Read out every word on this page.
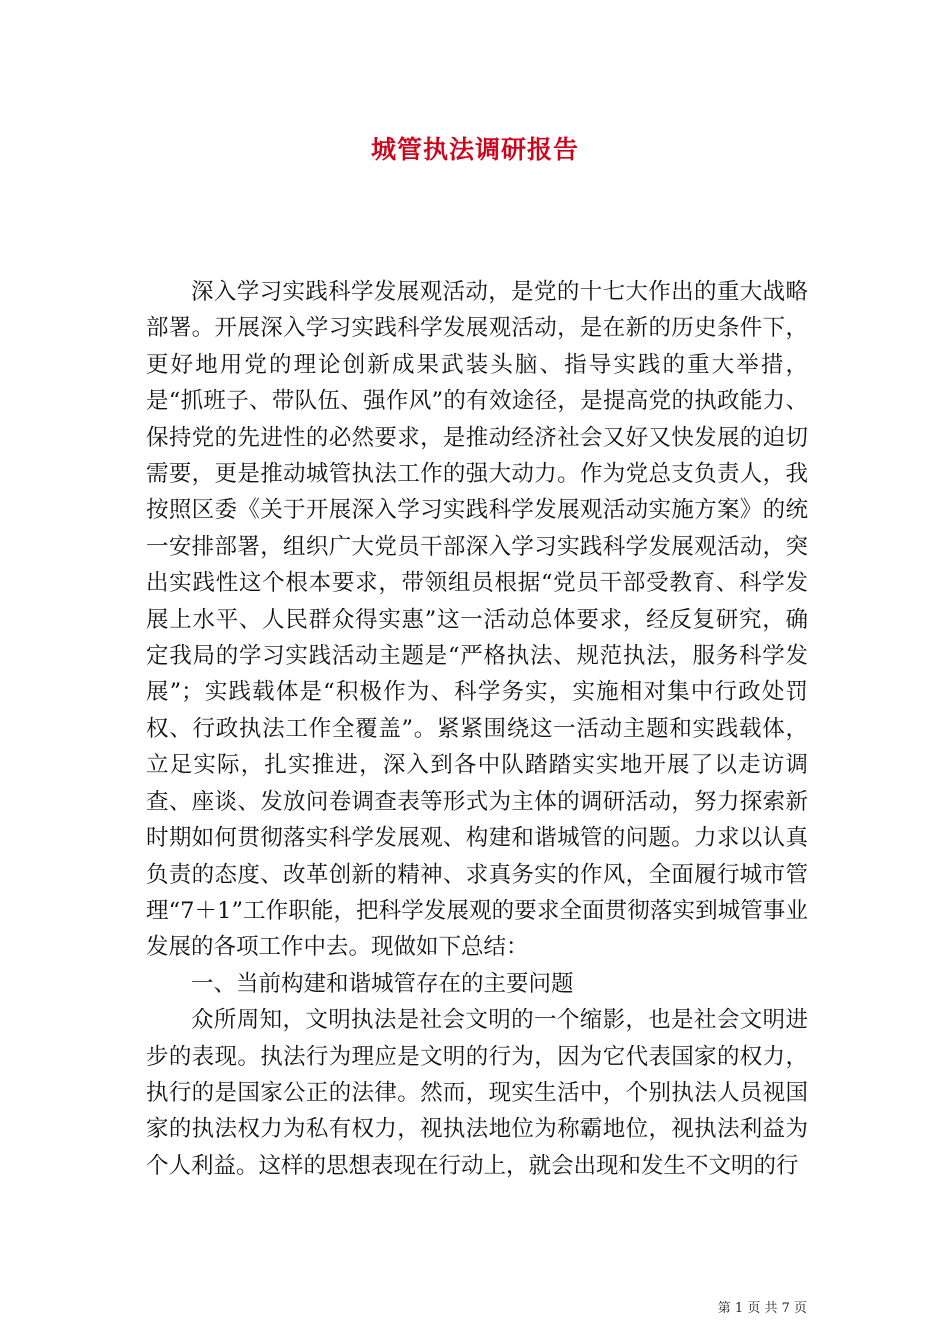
城管执法调研报告

深入学习实践科学发展观活动，是党的十七大作出的重大战略部署。开展深入学习实践科学发展观活动，是在新的历史条件下，更好地用党的理论创新成果武装头脑、指导实践的重大举措，是“抓班子、带队伍、强作风”的有效途径，是提高党的执政能力、保持党的先进性的必然要求，是推动经济社会又好又快发展的迫切需要，更是推动城管执法工作的强大动力。作为党总支负责人，我按照区委《关于开展深入学习实践科学发展观活动实施方案》的统一安排部署，组织广大党员干部深入学习实践科学发展观活动，突出实践性这个根本要求，带领组员根据“党员干部受教育、科学发展上水平、人民群众得实惠”这一活动总体要求，经反复研究，确定我局的学习实践活动主题是“严格执法、规范执法，服务科学发展”；实践载体是“积极作为、科学务实，实施相对集中行政处罚权、行政执法工作全覆盖”。紧紧围绕这一活动主题和实践载体，立足实际，扎实推进，深入到各中队踏踏实实地开展了以走访调查、座谈、发放问卷调查表等形式为主体的调研活动，努力探索新时期如何贯彻落实科学发展观、构建和谐城管的问题。力求以认真负责的态度、改革创新的精神、求真务实的作风，全面履行城市管理“7＋1”工作职能，把科学发展观的要求全面贯彻落实到城管事业发展的各项工作中去。现做如下总结：

一、当前构建和谐城管存在的主要问题

众所周知，文明执法是社会文明的一个缩影，也是社会文明进步的表现。执法行为理应是文明的行为，因为它代表国家的权力，执行的是国家公正的法律。然而，现实生活中，个别执法人员视国家的执法权力为私有权力，视执法地位为称霸地位，视执法利益为个人利益。这样的思想表现在行动上，就会出现和发生不文明的行

第 1 页 共 7 页
